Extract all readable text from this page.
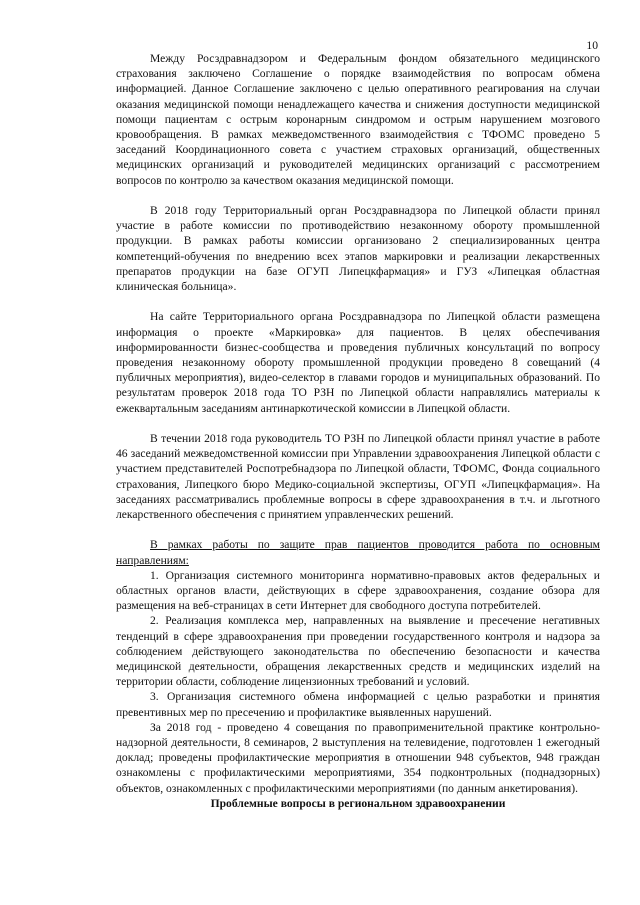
10

Между Росздравнадзором и Федеральным фондом обязательного медицинского страхования заключено Соглашение о порядке взаимодействия по вопросам обмена информацией. Данное Соглашение заключено с целью оперативного реагирования на случаи оказания медицинской помощи ненадлежащего качества и снижения доступности медицинской помощи пациентам с острым коронарным синдромом и острым нарушением мозгового кровообращения. В рамках межведомственного взаимодействия с ТФОМС проведено 5 заседаний Координационного совета с участием страховых организаций, общественных медицинских организаций и руководителей медицинских организаций с рассмотрением вопросов по контролю за качеством оказания медицинской помощи.

В 2018 году Территориальный орган Росздравнадзора по Липецкой области принял участие в работе комиссии по противодействию незаконному обороту промышленной продукции. В рамках работы комиссии организовано 2 специализированных центра компетенций-обучения по внедрению всех этапов маркировки и реализации лекарственных препаратов продукции на базе ОГУП Липецкфармация» и ГУЗ «Липецкая областная клиническая больница».

На сайте Территориального органа Росздравнадзора по Липецкой области размещена информация о проекте «Маркировка» для пациентов. В целях обеспечивания информированности бизнес-сообщества и проведения публичных консультаций по вопросу проведения незаконному обороту промышленной продукции проведено 8 совещаний (4 публичных мероприятия), видео-селектор в главами городов и муниципальных образований. По результатам проверок 2018 года ТО РЗН по Липецкой области направлялись материалы к ежеквартальным заседаниям антинаркотической комиссии в Липецкой области.

В течении 2018 года руководитель ТО РЗН по Липецкой области принял участие в работе 46 заседаний межведомственной комиссии при Управлении здравоохранения Липецкой области с участием представителей Роспотребнадзора по Липецкой области, ТФОМС, Фонда социального страхования, Липецкого бюро Медико-социальной экспертизы, ОГУП «Липецкфармация». На заседаниях рассматривались проблемные вопросы в сфере здравоохранения в т.ч. и льготного лекарственного обеспечения с принятием управленческих решений.

В рамках работы по защите прав пациентов проводится работа по основным направлениям:

1. Организация системного мониторинга нормативно-правовых актов федеральных и областных органов власти, действующих в сфере здравоохранения, создание обзора для размещения на веб-страницах в сети Интернет для свободного доступа потребителей.

2. Реализация комплекса мер, направленных на выявление и пресечение негативных тенденций в сфере здравоохранения при проведении государственного контроля и надзора за соблюдением действующего законодательства по обеспечению безопасности и качества медицинской деятельности, обращения лекарственных средств и медицинских изделий на территории области, соблюдение лицензионных требований и условий.

3. Организация системного обмена информацией с целью разработки и принятия превентивных мер по пресечению и профилактике выявленных нарушений.

За 2018 год - проведено 4 совещания по правоприменительной практике контрольно-надзорной деятельности, 8 семинаров, 2 выступления на телевидение, подготовлен 1 ежегодный доклад; проведены профилактические мероприятия в отношении 948 субъектов, 948 граждан ознакомлены с профилактическими мероприятиями, 354 подконтрольных (поднадзорных) объектов, ознакомленных с профилактическими мероприятиями (по данным анкетирования).

Проблемные вопросы в региональном здравоохранении
